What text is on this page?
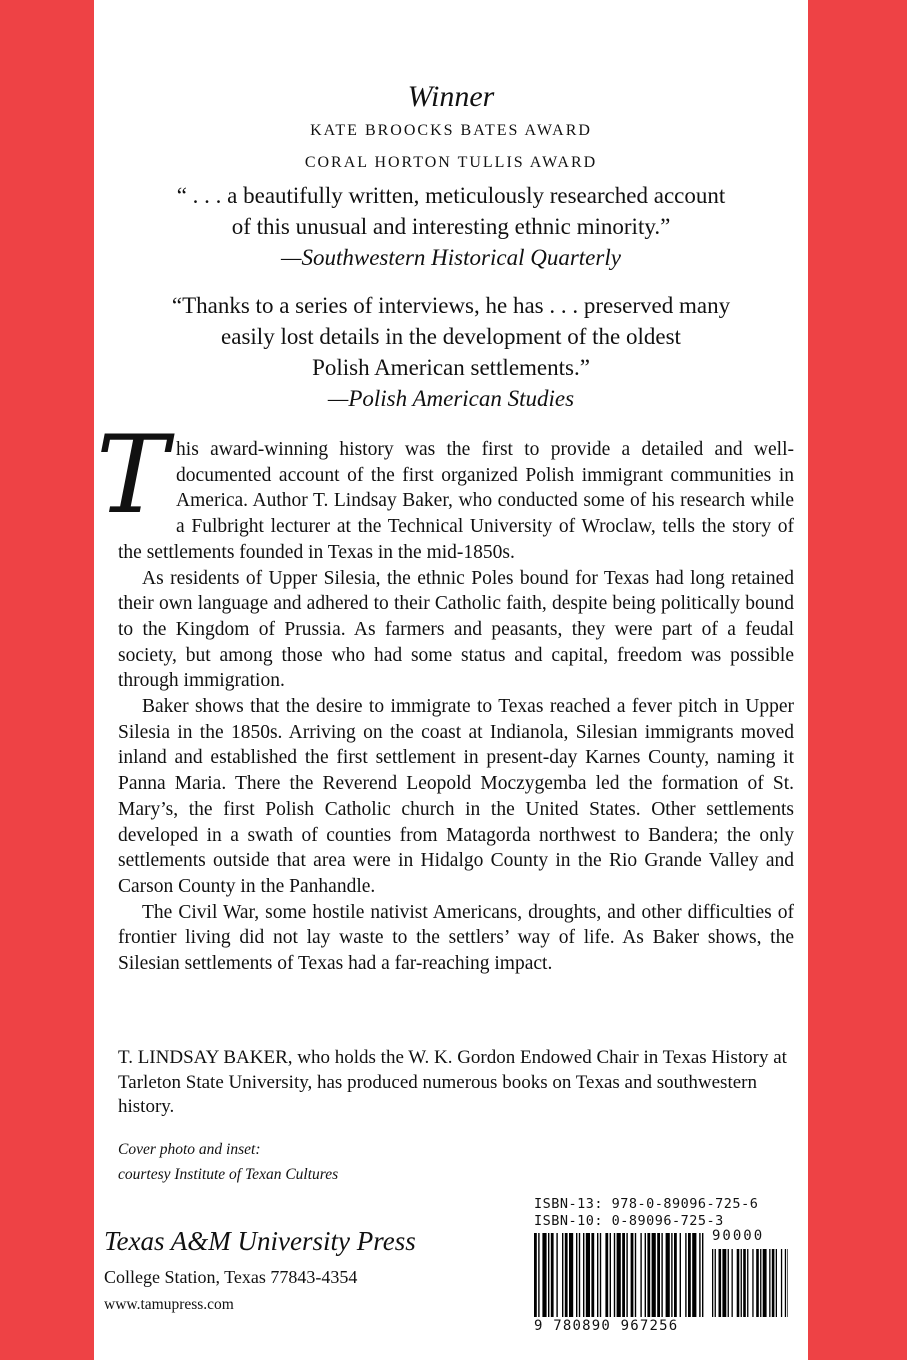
Winner
KATE BROOCKS BATES AWARD
CORAL HORTON TULLIS AWARD
“ . . . a beautifully written, meticulously researched account
of this unusual and interesting ethnic minority.”
—Southwestern Historical Quarterly
“Thanks to a series of interviews, he has . . . preserved many
easily lost details in the development of the oldest
Polish American settlements.”
—Polish American Studies

This award-winning history was the first to provide a detailed and well-documented account of the first organized Polish immigrant communities in America. Author T. Lindsay Baker, who conducted some of his research while a Fulbright lecturer at the Technical University of Wroclaw, tells the story of the settlements founded in Texas in the mid-1850s.

As residents of Upper Silesia, the ethnic Poles bound for Texas had long retained their own language and adhered to their Catholic faith, despite being politically bound to the Kingdom of Prussia. As farmers and peasants, they were part of a feudal society, but among those who had some status and capital, freedom was possible through immigration.

Baker shows that the desire to immigrate to Texas reached a fever pitch in Upper Silesia in the 1850s. Arriving on the coast at Indianola, Silesian immigrants moved inland and established the first settlement in present-day Karnes County, naming it Panna Maria. There the Reverend Leopold Moczygemba led the formation of St. Mary’s, the first Polish Catholic church in the United States. Other settlements developed in a swath of counties from Matagorda northwest to Bandera; the only settlements outside that area were in Hidalgo County in the Rio Grande Valley and Carson County in the Panhandle.

The Civil War, some hostile nativist Americans, droughts, and other difficulties of frontier living did not lay waste to the settlers’ way of life. As Baker shows, the Silesian settlements of Texas had a far-reaching impact.

T. LINDSAY BAKER, who holds the W. K. Gordon Endowed Chair in Texas History at Tarleton State University, has produced numerous books on Texas and southwestern history.
Cover photo and inset:
courtesy Institute of Texan Cultures
Texas A&M University Press
College Station, Texas 77843-4354
www.tamupress.com
ISBN-13: 978-0-89096-725-6
ISBN-10: 0-89096-725-3
90000
9 780890 967256
